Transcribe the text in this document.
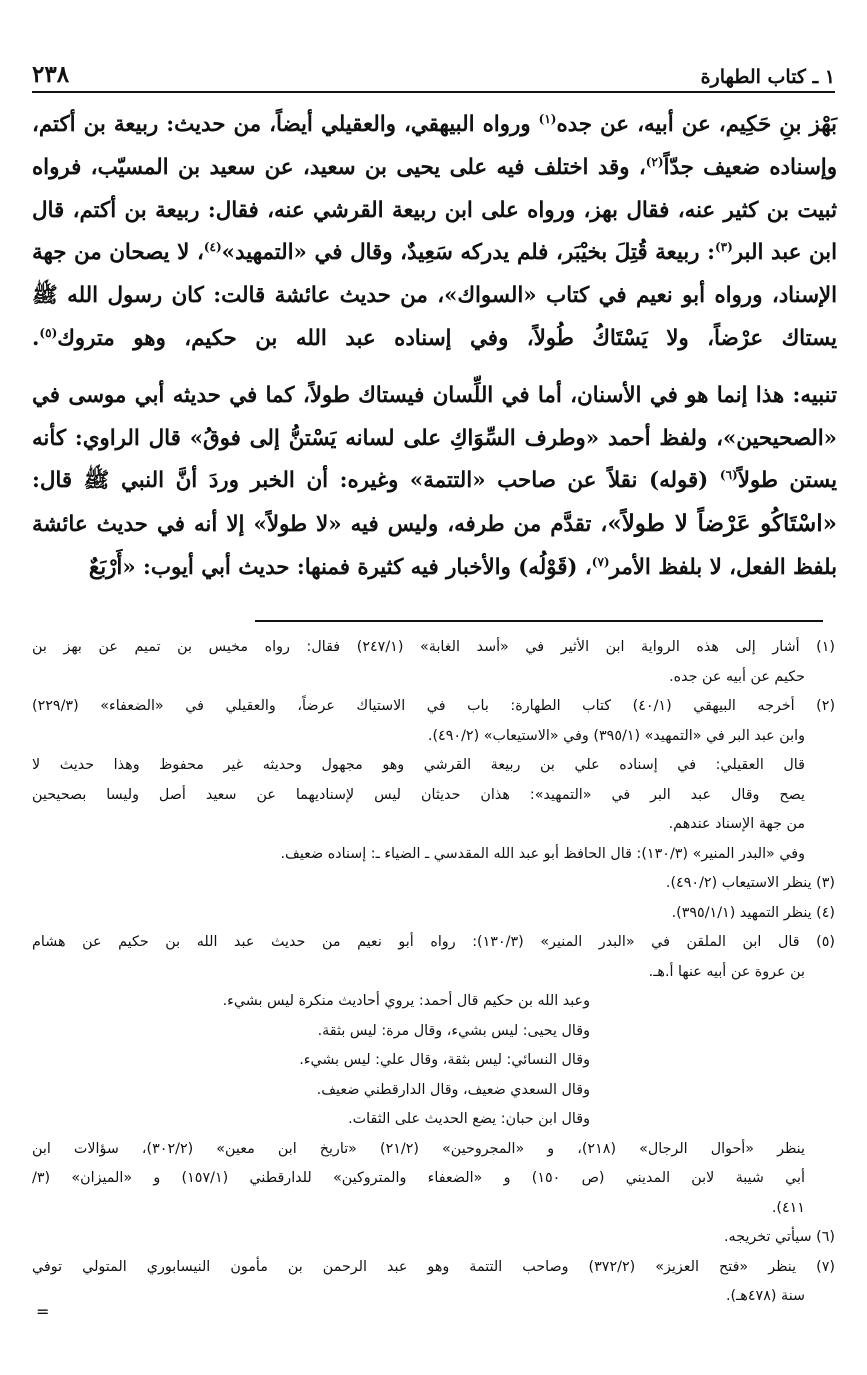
١ ـ كتاب الطهارة
٢٣٨

بَهْز بنِ حَكِيم، عن أبيه، عن جده$^{(١)}$ ورواه البيهقي، والعقيلي أيضاً، من حديث: ربيعة بن أكتم، وإسناده ضعيف جدّاً$^{(٢)}$، وقد اختلف فيه على يحيى بن سعيد، عن سعيد بن المسيّب، فرواه ثبيت بن كثير عنه، فقال بهز، ورواه على ابن ربيعة القرشي عنه، فقال: ربيعة بن أكتم، قال ابن عبد البر$^{(٣)}$: ربيعة قُتِلَ بخيْبَر، فلم يدركه سَعِيدٌ، وقال في «التمهيد»$^{(٤)}$، لا يصحان من جهة الإسناد، ورواه أبو نعيم في كتاب «السواك»، من حديث عائشة قالت: كان رسول الله ﷺ يستاك عرْضاً، ولا يَسْتَاكُ طُولاً، وفي إسناده عبد الله بن حكيم، وهو متروك$^{(٥)}$.

تنبيه: هذا إنما هو في الأسنان، أما في اللِّسان فيستاك طولاً، كما في حديثه أبي موسى في «الصحيحين»، ولفظ أحمد «وطرف السِّوَاكِ على لسانه يَسْتنُّ إلى فوقُ» قال الراوي: كأنه يستن طولاً$^{(٦)}$ (قوله) نقلاً عن صاحب «التتمة» وغيره: أن الخبر وردَ أنَّ النبي ﷺ قال: «اسْتَاكُو عَرْضاً لا طولاً»، تقدَّم من طرفه، وليس فيه «لا طولاً» إلا أنه في حديث عائشة بلفظ الفعل، لا بلفظ الأمر$^{(٧)}$، (قَوْلُه) والأخبار فيه كثيرة فمنها: حديث أبي أيوب: «أَرْبَعٌ

(١) أشار إلى هذه الرواية ابن الأثير في «أسد الغابة» (٢٤٧/١) فقال: رواه مخيس بن تميم عن بهز بن
حكيم عن أبيه عن جده.
(٢) أخرجه البيهقي (٤٠/١) كتاب الطهارة: باب في الاستياك عرضاً، والعقيلي في «الضعفاء» (٢٢٩/٣)
وابن عبد البر في «التمهيد» (٣٩٥/١) وفي «الاستيعاب» (٤٩٠/٢).
قال العقيلي: في إسناده علي بن ربيعة القرشي وهو مجهول وحديثه غير محفوظ وهذا حديث لا
يصح وقال عبد البر في «التمهيد»: هذان حديثان ليس لإسناديهما عن سعيد أصل وليسا بصحيحين
من جهة الإسناد عندهم.
وفي «البدر المنير» (١٣٠/٣): قال الحافظ أبو عبد الله المقدسي ـ الضياء ـ: إسناده ضعيف.
(٣) ينظر الاستيعاب (٤٩٠/٢).
(٤) ينظر التمهيد (٣٩٥/١/١).
(٥) قال ابن الملقن في «البدر المنير» (١٣٠/٣): رواه أبو نعيم من حديث عبد الله بن حكيم عن هشام
بن عروة عن أبيه عنها أ.هـ.
وعبد الله بن حكيم قال أحمد: يروي أحاديث منكرة ليس بشيء.
وقال يحيى: ليس بشيء، وقال مرة: ليس بثقة.
وقال النسائي: ليس بثقة، وقال علي: ليس بشيء.
وقال السعدي ضعيف، وقال الدارقطني ضعيف.
وقال ابن حبان: يضع الحديث على الثقات.
ينظر «أحوال الرجال» (٢١٨)، و «المجروحين» (٢١/٢) «تاريخ ابن معين» (٣٠٢/٢)، سؤالات ابن
أبي شيبة لابن المديني (ص ١٥٠) و «الضعفاء والمتروكين» للدارقطني (١٥٧/١) و «الميزان» (٣/
٤١١).
(٦) سيأتي تخريجه.
(٧) ينظر «فتح العزيز» (٣٧٢/٢) وصاحب التتمة وهو عبد الرحمن بن مأمون النيسابوري المتولي توفي
سنة (٤٧٨هـ).
=
